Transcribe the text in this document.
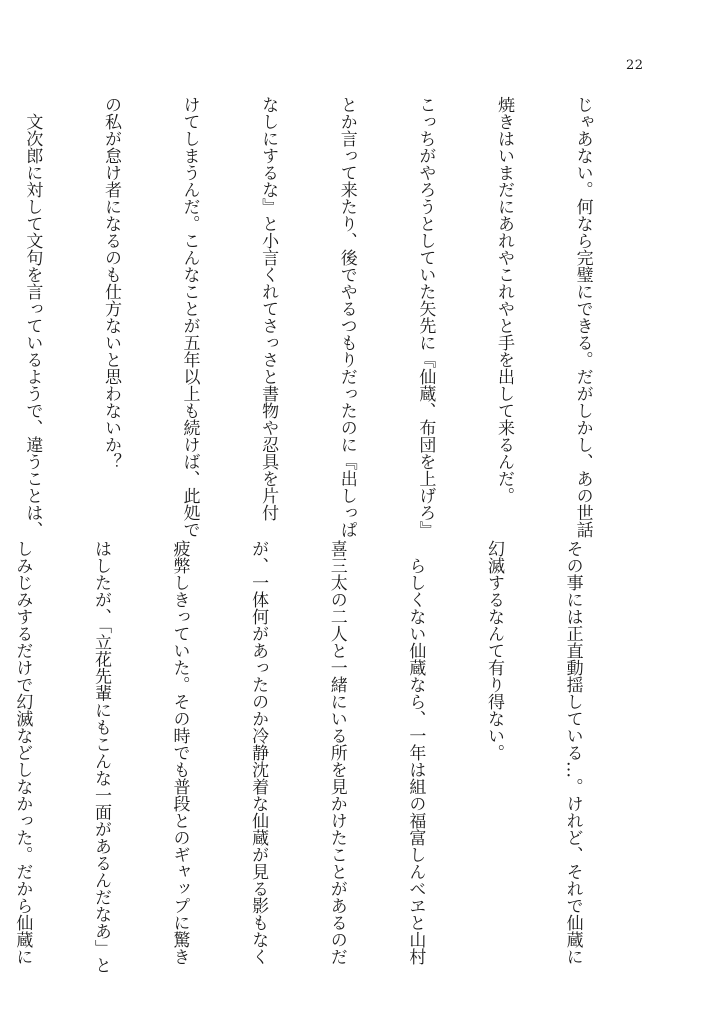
22

じゃあない。何なら完璧にできる。だがしかし、あの世話

焼きはいまだにあれやこれやと手を出して来るんだ。

こっちがやろうとしていた矢先に『仙蔵、布団を上げろ』

とか言って来たり、後でやるつもりだったのに『出しっぱ

なしにするな』と小言くれてさっさと書物や忍具を片付

けてしまうんだ。こんなことが五年以上も続けば、此処で

の私が怠け者になるのも仕方ないと思わないか？

　文次郎に対して文句を言っているようで、違うことは、

その事には正直動揺している…。けれど、それで仙蔵に

幻滅するなんて有り得ない。

　らしくない仙蔵なら、一年は組の福富しんべヱと山村

喜三太の二人と一緒にいる所を見かけたことがあるのだ

が、一体何があったのか冷静沈着な仙蔵が見る影もなく

疲弊しきっていた。その時でも普段とのギャップに驚き

はしたが、「立花先輩にもこんな一面があるんだなあ」と

しみじみするだけで幻滅などしなかった。だから仙蔵に
